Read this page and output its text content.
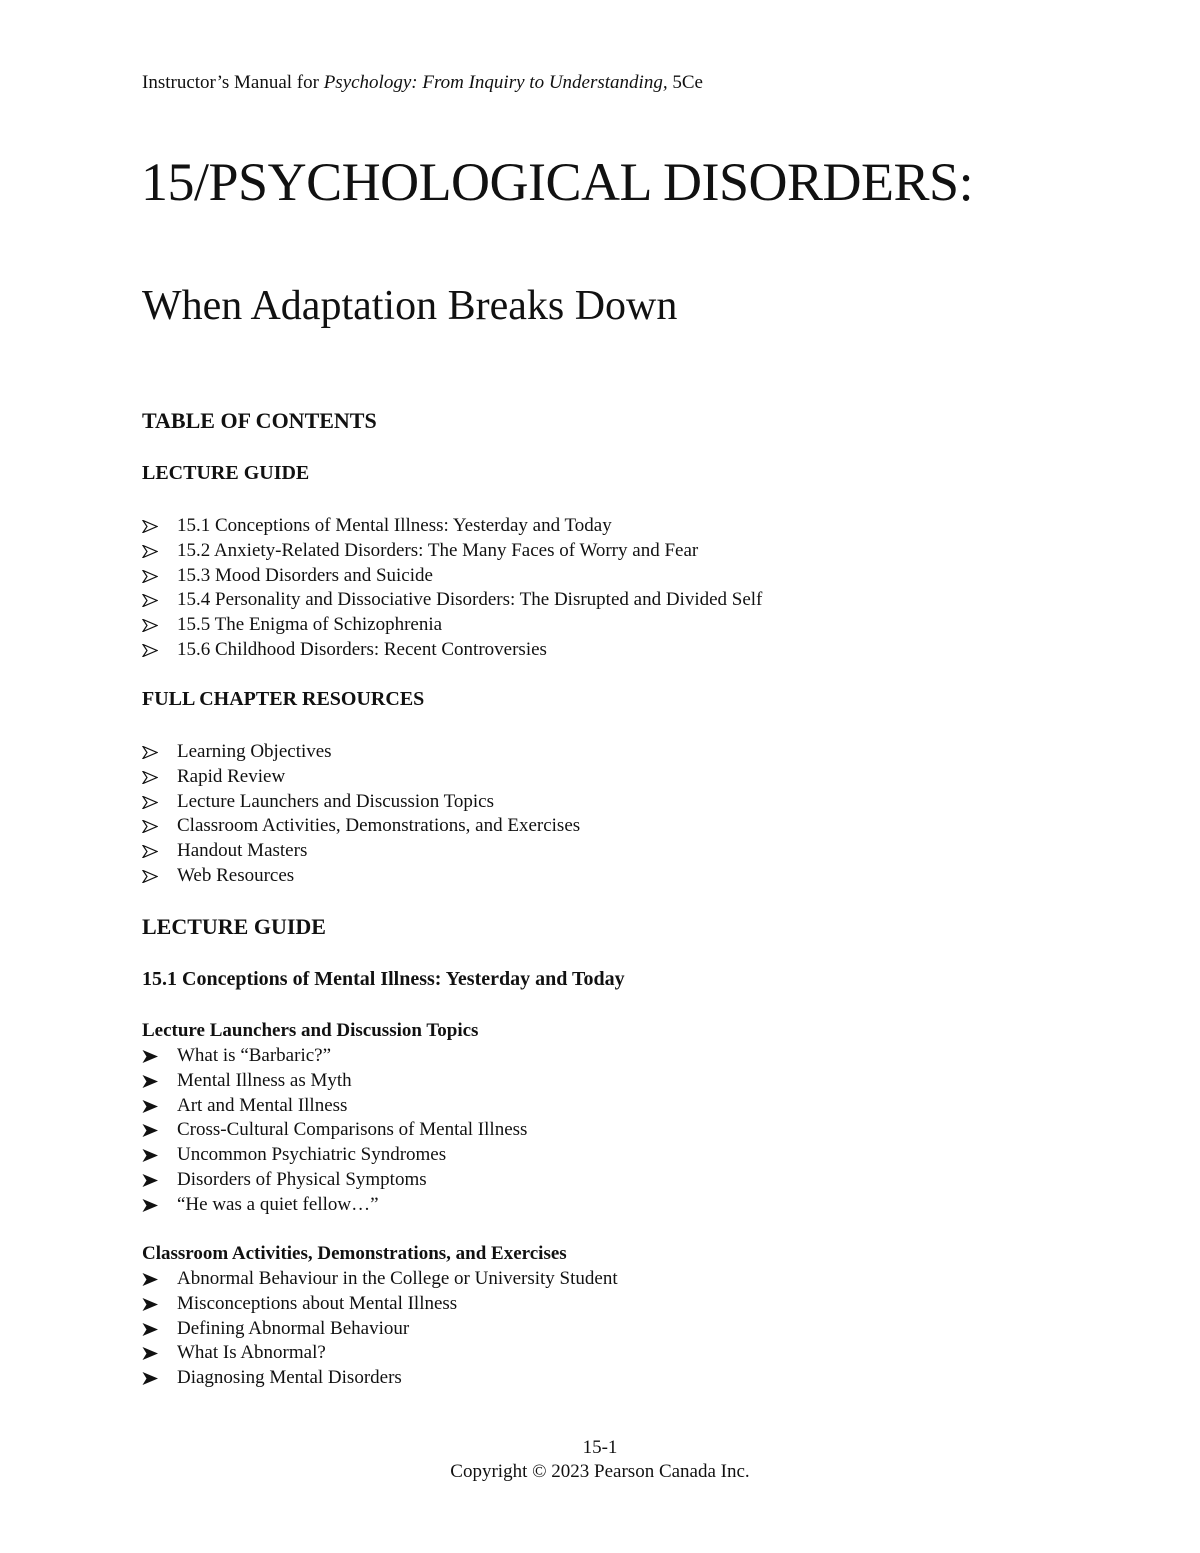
Instructor’s Manual for Psychology: From Inquiry to Understanding, 5Ce
15/PSYCHOLOGICAL DISORDERS:
When Adaptation Breaks Down
TABLE OF CONTENTS
LECTURE GUIDE
15.1 Conceptions of Mental Illness: Yesterday and Today
15.2 Anxiety-Related Disorders: The Many Faces of Worry and Fear
15.3 Mood Disorders and Suicide
15.4 Personality and Dissociative Disorders: The Disrupted and Divided Self
15.5 The Enigma of Schizophrenia
15.6 Childhood Disorders: Recent Controversies
FULL CHAPTER RESOURCES
Learning Objectives
Rapid Review
Lecture Launchers and Discussion Topics
Classroom Activities, Demonstrations, and Exercises
Handout Masters
Web Resources
LECTURE GUIDE
15.1 Conceptions of Mental Illness: Yesterday and Today
Lecture Launchers and Discussion Topics
What is “Barbaric?”
Mental Illness as Myth
Art and Mental Illness
Cross-Cultural Comparisons of Mental Illness
Uncommon Psychiatric Syndromes
Disorders of Physical Symptoms
“He was a quiet fellow…”
Classroom Activities, Demonstrations, and Exercises
Abnormal Behaviour in the College or University Student
Misconceptions about Mental Illness
Defining Abnormal Behaviour
What Is Abnormal?
Diagnosing Mental Disorders
15-1
Copyright © 2023 Pearson Canada Inc.
